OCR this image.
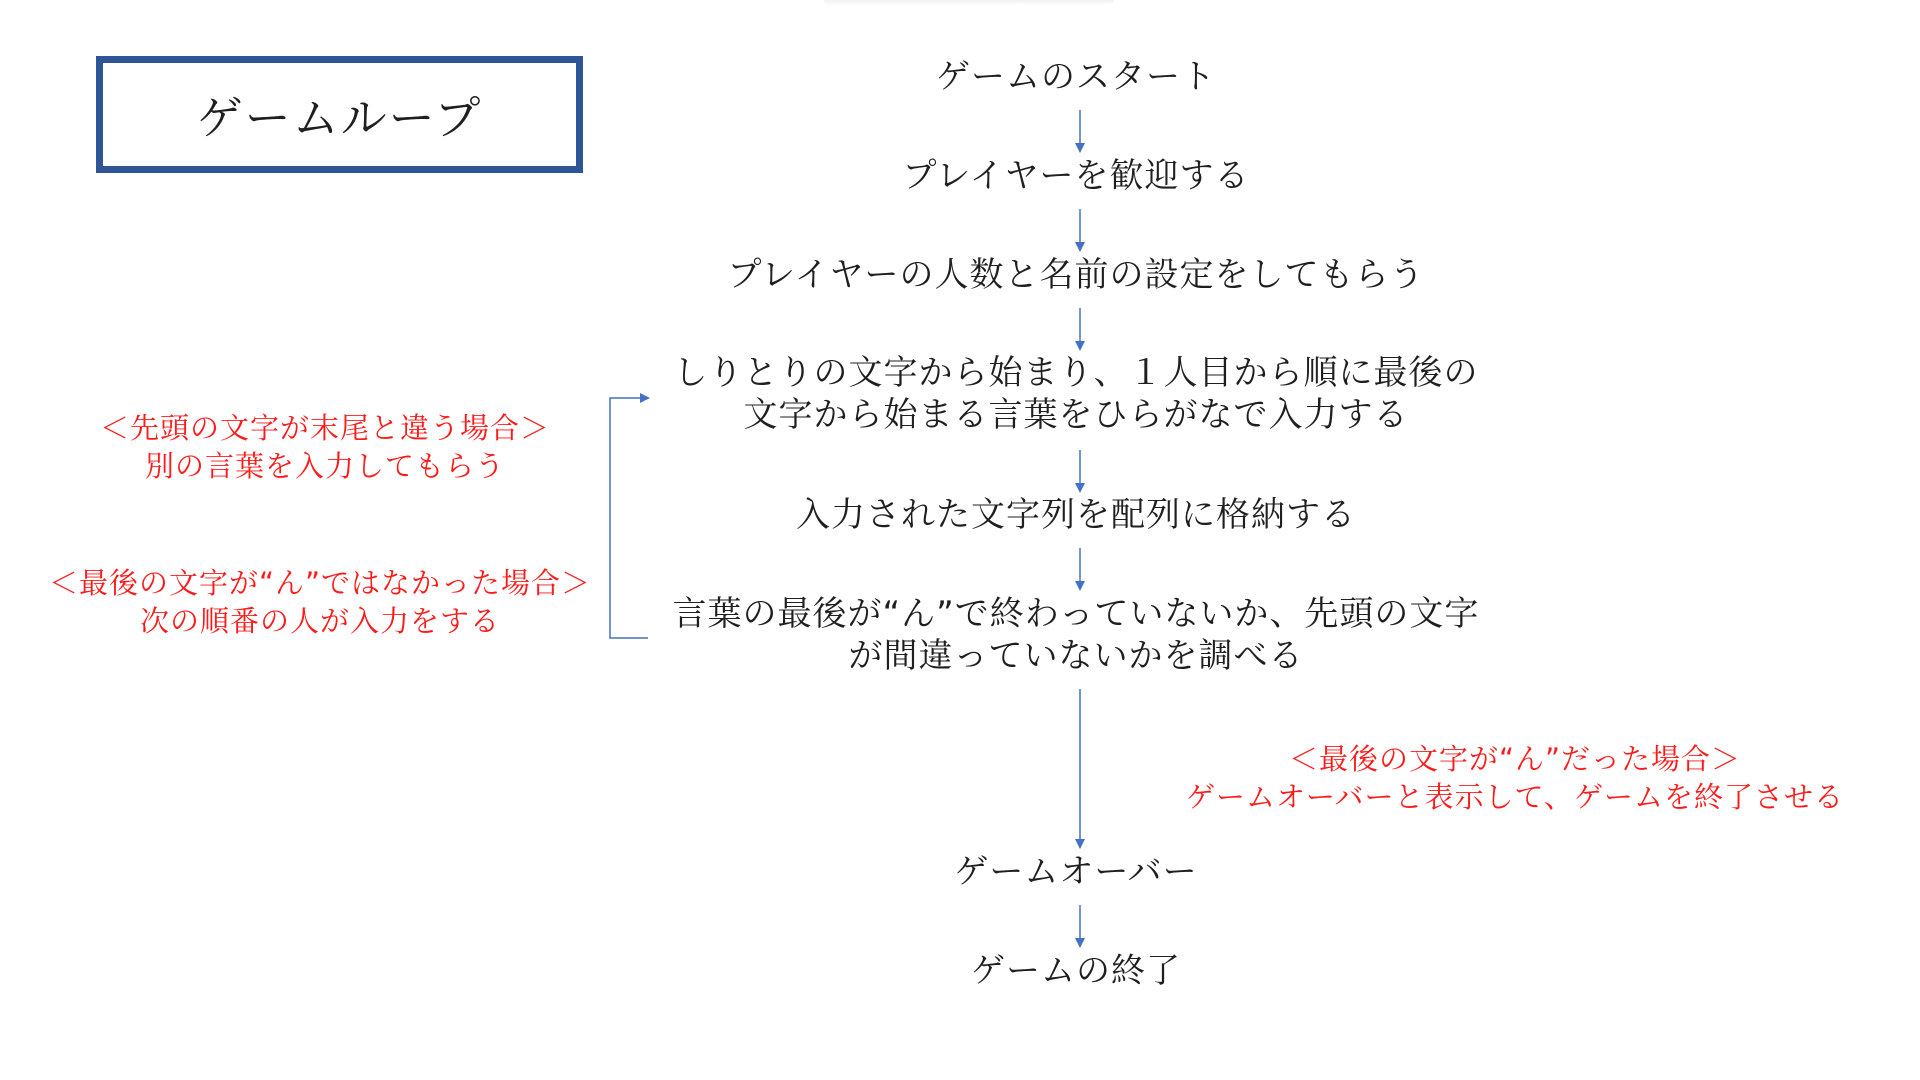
ゲームループ
ゲームのスタート
プレイヤーを歓迎する
プレイヤーの人数と名前の設定をしてもらう
しりとりの文字から始まり、１人目から順に最後の
文字から始まる言葉をひらがなで入力する
入力された文字列を配列に格納する
言葉の最後が“ん”で終わっていないか、先頭の文字
が間違っていないかを調べる
ゲームオーバー
ゲームの終了
＜先頭の文字が末尾と違う場合＞
別の言葉を入力してもらう
＜最後の文字が“ん”ではなかった場合＞
次の順番の人が入力をする
＜最後の文字が“ん”だった場合＞
ゲームオーバーと表示して、ゲームを終了させる
